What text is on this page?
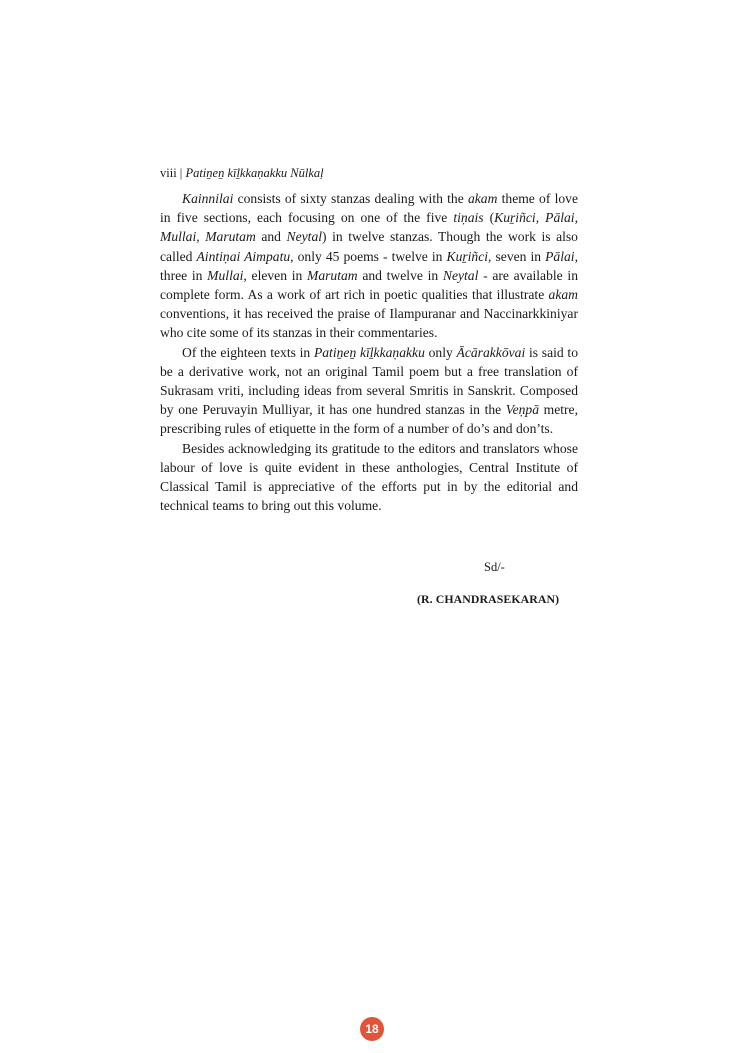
viii | Patiṉeṉ kīḻkkaṇakku Nūlkaḷ

Kainnilai consists of sixty stanzas dealing with the akam theme of love in five sections, each focusing on one of the five tiṇais (Kuṟiñci, Pālai, Mullai, Marutam and Neytal) in twelve stanzas. Though the work is also called Aintiṇai Aimpatu, only 45 poems - twelve in Kuṟiñci, seven in Pālai, three in Mullai, eleven in Marutam and twelve in Neytal - are available in complete form. As a work of art rich in poetic qualities that illustrate akam conventions, it has received the praise of Ilampuranar and Naccinarkkiniyar who cite some of its stanzas in their commentaries.

Of the eighteen texts in Patiṉeṉ kīḻkkaṇakku only Ācārakkōvai is said to be a derivative work, not an original Tamil poem but a free translation of Sukrasam vriti, including ideas from several Smritis in Sanskrit. Composed by one Peruvayin Mulliyar, it has one hundred stanzas in the Veṇpā metre, prescribing rules of etiquette in the form of a number of do’s and don’ts.

Besides acknowledging its gratitude to the editors and translators whose labour of love is quite evident in these anthologies, Central Institute of Classical Tamil is appreciative of the efforts put in by the editorial and technical teams to bring out this volume.

Sd/-
(R. CHANDRASEKARAN)
18
